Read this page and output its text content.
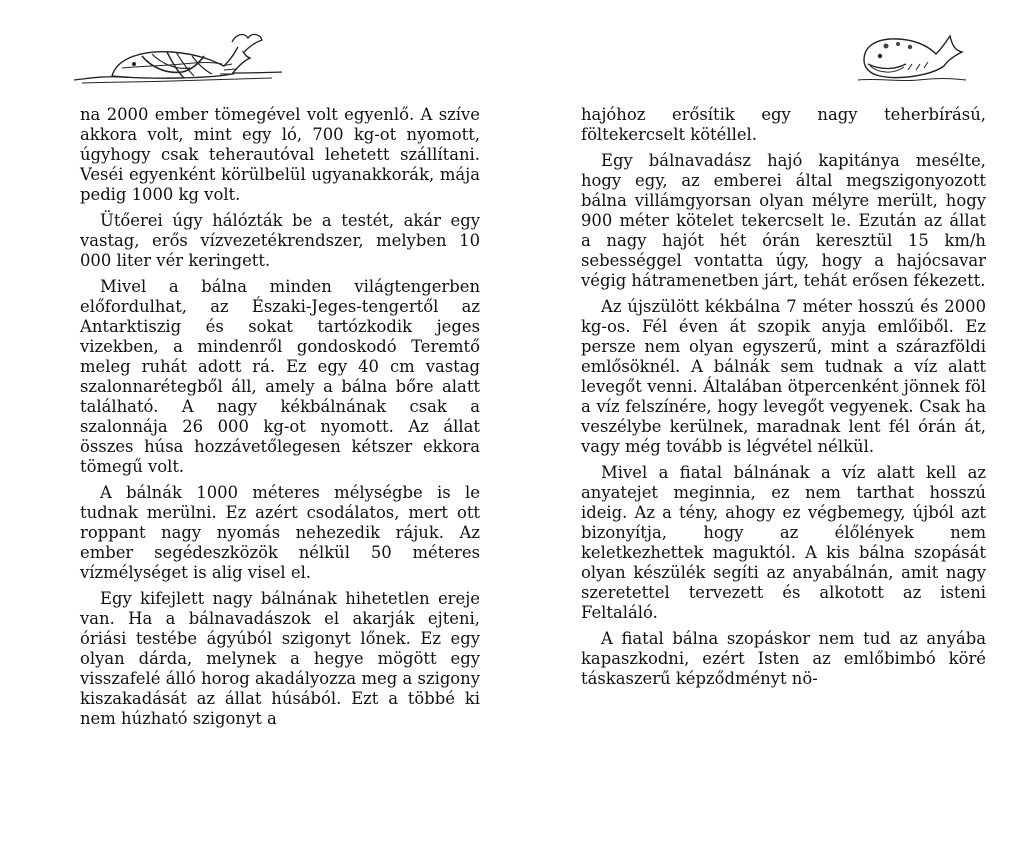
na 2000 ember tömegével volt egyenlő. A szíve akkora volt, mint egy ló, 700 kg-ot nyomott, úgyhogy csak teherautóval lehetett szállítani. Veséi egyenként körülbelül ugyanakkorák, mája pedig 1000 kg volt.

Ütőerei úgy hálózták be a testét, akár egy vastag, erős vízvezetékrendszer, melyben 10 000 liter vér keringett.

Mivel a bálna minden világtengerben előfordulhat, az Északi-Jeges-tengertől az Antarktiszig és sokat tartózkodik jeges vizekben, a mindenről gondoskodó Teremtő meleg ruhát adott rá. Ez egy 40 cm vastag szalonnarétegből áll, amely a bálna bőre alatt található. A nagy kékbálnának csak a szalonnája 26 000 kg-ot nyomott. Az állat összes húsa hozzávetőlegesen kétszer ekkora tömegű volt.

A bálnák 1000 méteres mélységbe is le tudnak merülni. Ez azért csodálatos, mert ott roppant nagy nyomás nehezedik rájuk. Az ember segédeszközök nélkül 50 méteres vízmélységet is alig visel el.

Egy kifejlett nagy bálnának hihetetlen ereje van. Ha a bálnavadászok el akarják ejteni, óriási testébe ágyúból szigonyt lőnek. Ez egy olyan dárda, melynek a hegye mögött egy visszafelé álló horog akadályozza meg a szigony kiszakadását az állat húsából. Ezt a többé ki nem húzható szigonyt a

hajóhoz erősítik egy nagy teherbírású, föltekercselt kötéllel.

Egy bálnavadász hajó kapitánya mesélte, hogy egy, az emberei által megszigonyozott bálna villámgyorsan olyan mélyre merült, hogy 900 méter kötelet tekercselt le. Ezután az állat a nagy hajót hét órán keresztül 15 km/h sebességgel vontatta úgy, hogy a hajócsavar végig hátramenetben járt, tehát erősen fékezett.

Az újszülött kékbálna 7 méter hosszú és 2000 kg-os. Fél éven át szopik anyja emlőiből. Ez persze nem olyan egyszerű, mint a szárazföldi emlősöknél. A bálnák sem tudnak a víz alatt levegőt venni. Általában ötpercenként jönnek föl a víz felszínére, hogy levegőt vegyenek. Csak ha veszélybe kerülnek, maradnak lent fél órán át, vagy még tovább is légvétel nélkül.

Mivel a fiatal bálnának a víz alatt kell az anyatejet meginnia, ez nem tarthat hosszú ideig. Az a tény, ahogy ez végbemegy, újból azt bizonyítja, hogy az élőlények nem keletkezhettek maguktól. A kis bálna szopását olyan készülék segíti az anyabálnán, amit nagy szeretettel tervezett és alkotott az isteni Feltaláló.

A fiatal bálna szopáskor nem tud az anyába kapaszkodni, ezért Isten az emlőbimbó köré táskaszerű képződményt nö-
